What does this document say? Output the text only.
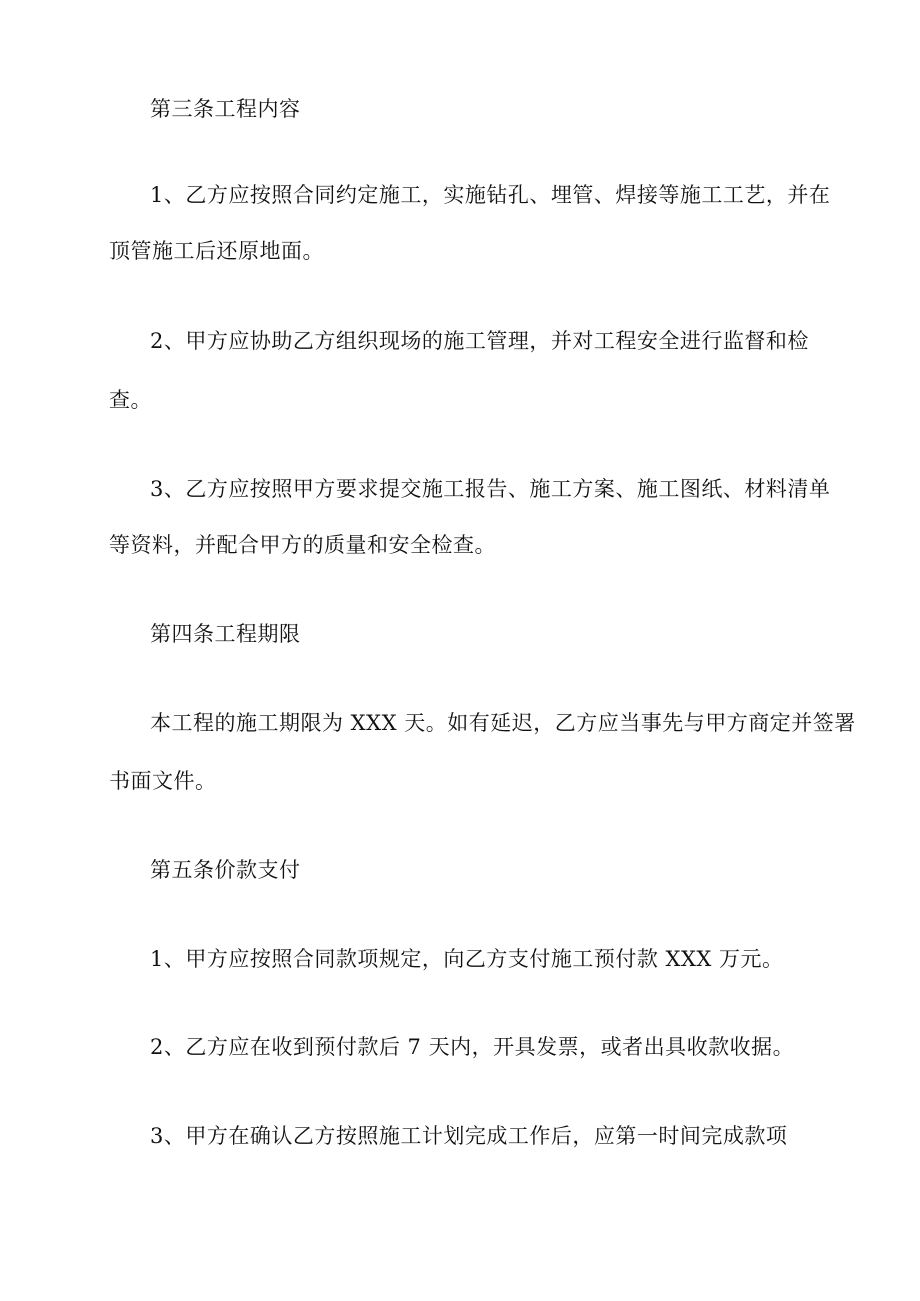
第三条工程内容
1、乙方应按照合同约定施工，实施钻孔、埋管、焊接等施工工艺，并在
顶管施工后还原地面。
2、甲方应协助乙方组织现场的施工管理，并对工程安全进行监督和检
查。
3、乙方应按照甲方要求提交施工报告、施工方案、施工图纸、材料清单
等资料，并配合甲方的质量和安全检查。
第四条工程期限
本工程的施工期限为 XXX 天。如有延迟，乙方应当事先与甲方商定并签署
书面文件。
第五条价款支付
1、甲方应按照合同款项规定，向乙方支付施工预付款 XXX 万元。
2、乙方应在收到预付款后 7 天内，开具发票，或者出具收款收据。
3、甲方在确认乙方按照施工计划完成工作后，应第一时间完成款项
